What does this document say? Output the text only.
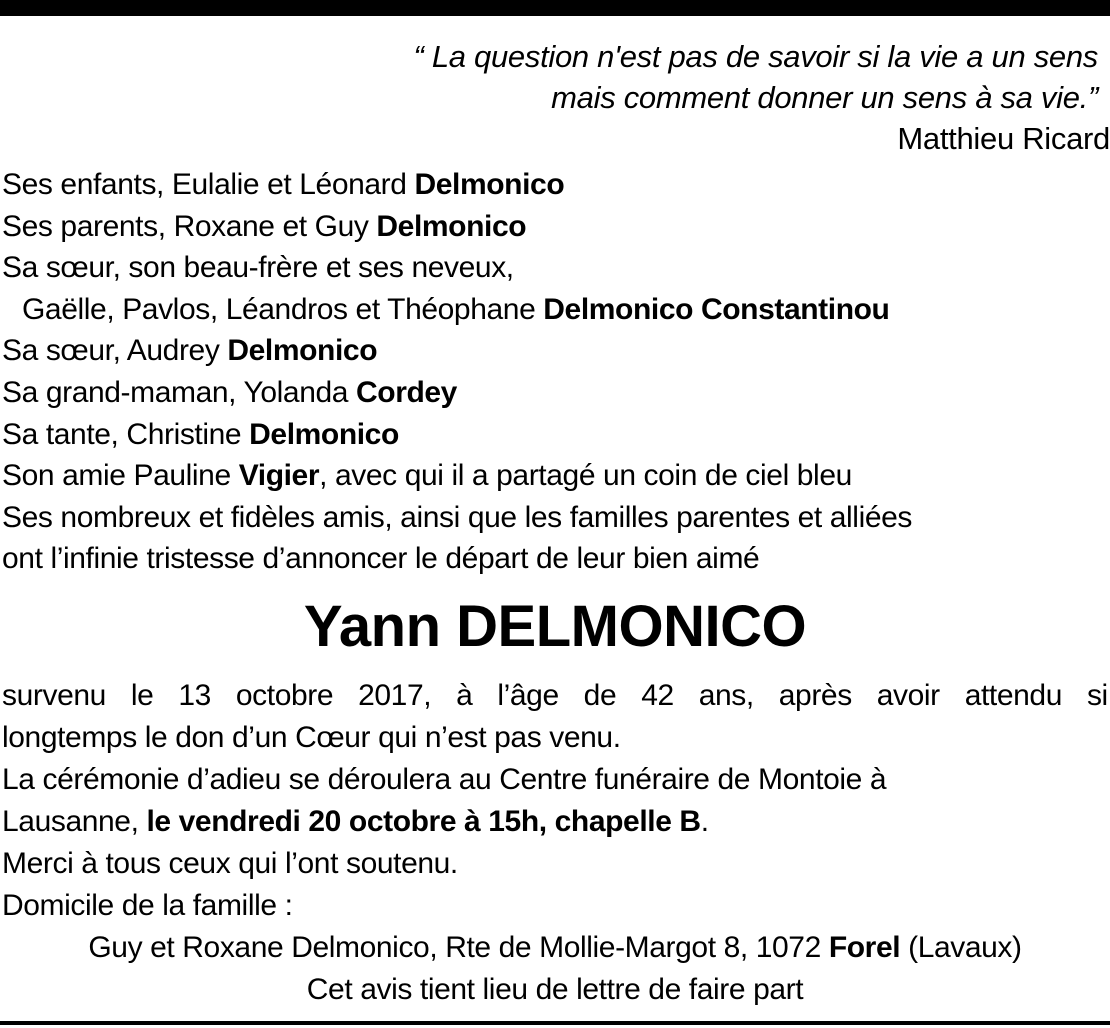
“ La question n'est pas de savoir si la vie a un sens
mais comment donner un sens à sa vie.”
Matthieu Ricard
Ses enfants, Eulalie et Léonard Delmonico
Ses parents, Roxane et Guy Delmonico
Sa sœur, son beau-frère et ses neveux,
Gaëlle, Pavlos, Léandros et Théophane Delmonico Constantinou
Sa sœur, Audrey Delmonico
Sa grand-maman, Yolanda Cordey
Sa tante, Christine Delmonico
Son amie Pauline Vigier, avec qui il a partagé un coin de ciel bleu
Ses nombreux et fidèles amis, ainsi que les familles parentes et alliées
ont l’infinie tristesse d’annoncer le départ de leur bien aimé
Yann DELMONICO
survenu le 13 octobre 2017, à l’âge de 42 ans, après avoir attendu si
longtemps le don d’un Cœur qui n’est pas venu.
La cérémonie d’adieu se déroulera au Centre funéraire de Montoie à
Lausanne, le vendredi 20 octobre à 15h, chapelle B.
Merci à tous ceux qui l’ont soutenu.
Domicile de la famille :
Guy et Roxane Delmonico, Rte de Mollie-Margot 8, 1072 Forel (Lavaux)
Cet avis tient lieu de lettre de faire part
